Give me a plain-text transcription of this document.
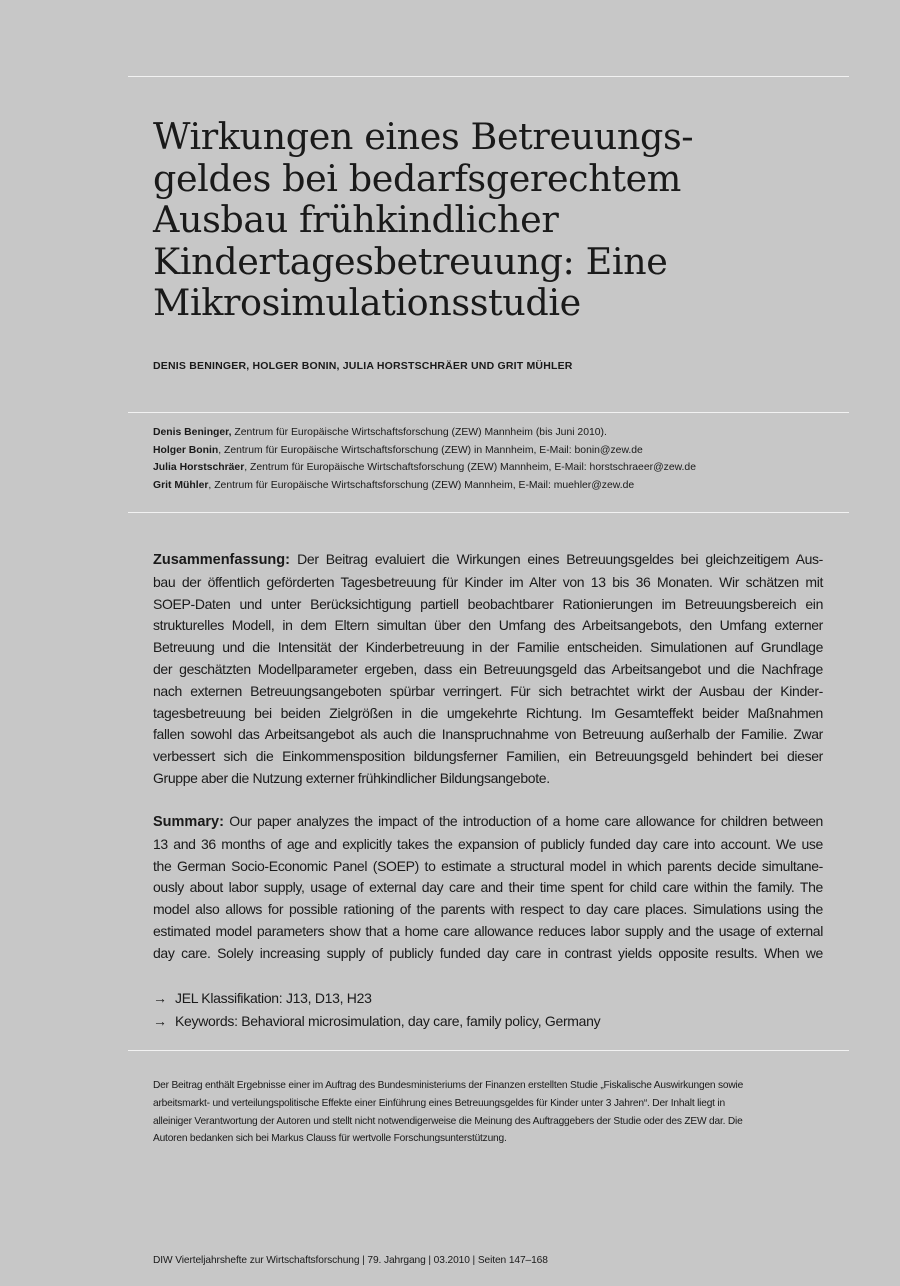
Wirkungen eines Betreuungs-
geldes bei bedarfsgerechtem
Ausbau frühkindlicher
Kindertagesbetreuung: Eine
Mikrosimulationsstudie
DENIS BENINGER, HOLGER BONIN, JULIA HORSTSCHRÄER UND GRIT MÜHLER
Denis Beninger, Zentrum für Europäische Wirtschaftsforschung (ZEW) Mannheim (bis Juni 2010).
Holger Bonin, Zentrum für Europäische Wirtschaftsforschung (ZEW) in Mannheim, E-Mail: bonin@zew.de
Julia Horstschräer, Zentrum für Europäische Wirtschaftsforschung (ZEW) Mannheim, E-Mail: horstschraeer@zew.de
Grit Mühler, Zentrum für Europäische Wirtschaftsforschung (ZEW) Mannheim, E-Mail: muehler@zew.de
Zusammenfassung: Der Beitrag evaluiert die Wirkungen eines Betreuungsgeldes bei gleichzeitigem Aus-
bau der öffentlich geförderten Tagesbetreuung für Kinder im Alter von 13 bis 36 Monaten. Wir schätzen mit
SOEP-Daten und unter Berücksichtigung partiell beobachtbarer Rationierungen im Betreuungsbereich ein
strukturelles Modell, in dem Eltern simultan über den Umfang des Arbeitsangebots, den Umfang externer
Betreuung und die Intensität der Kinderbetreuung in der Familie entscheiden. Simulationen auf Grundlage
der geschätzten Modellparameter ergeben, dass ein Betreuungsgeld das Arbeitsangebot und die Nachfrage
nach externen Betreuungsangeboten spürbar verringert. Für sich betrachtet wirkt der Ausbau der Kinder-
tagesbetreuung bei beiden Zielgrößen in die umgekehrte Richtung. Im Gesamteffekt beider Maßnahmen
fallen sowohl das Arbeitsangebot als auch die Inanspruchnahme von Betreuung außerhalb der Familie. Zwar
verbessert sich die Einkommensposition bildungsferner Familien, ein Betreuungsgeld behindert bei dieser
Gruppe aber die Nutzung externer frühkindlicher Bildungsangebote.
Summary: Our paper analyzes the impact of the introduction of a home care allowance for children between
13 and 36 months of age and explicitly takes the expansion of publicly funded day care into account. We use
the German Socio-Economic Panel (SOEP) to estimate a structural model in which parents decide simultane-
ously about labor supply, usage of external day care and their time spent for child care within the family. The
model also allows for possible rationing of the parents with respect to day care places. Simulations using the
estimated model parameters show that a home care allowance reduces labor supply and the usage of external
day care. Solely increasing supply of publicly funded day care in contrast yields opposite results. When we
→ JEL Klassifikation: J13, D13, H23
→ Keywords: Behavioral microsimulation, day care, family policy, Germany
Der Beitrag enthält Ergebnisse einer im Auftrag des Bundesministeriums der Finanzen erstellten Studie „Fiskalische Auswirkungen sowie
arbeitsmarkt- und verteilungspolitische Effekte einer Einführung eines Betreuungsgeldes für Kinder unter 3 Jahren“. Der Inhalt liegt in
alleiniger Verantwortung der Autoren und stellt nicht notwendigerweise die Meinung des Auftraggebers der Studie oder des ZEW dar. Die
Autoren bedanken sich bei Markus Clauss für wertvolle Forschungsunterstützung.
DIW Vierteljahrshefte zur Wirtschaftsforschung | 79. Jahrgang | 03.2010 | Seiten 147–168
